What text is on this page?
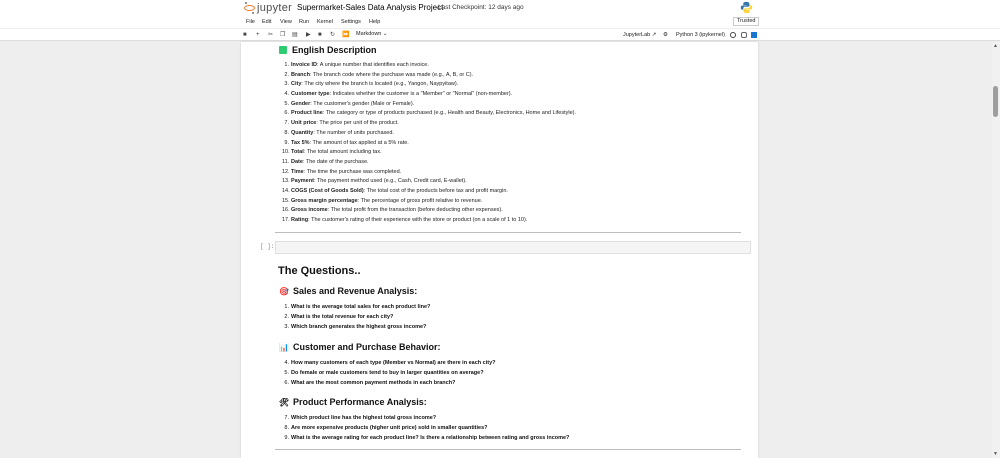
jupyter Supermarket-Sales Data Analysis Project
Last Checkpoint: 12 days ago
File Edit View Run Kernel Settings Help	Trusted
■ + ✂ ❐ ▤ ▶ ■ ↻ ⏩ Markdown ⌄	JupyterLab ↗ ⚙ Python 3 (ipykernel)
English Description
1. Invoice ID: A unique number that identifies each invoice.
2. Branch: The branch code where the purchase was made (e.g., A, B, or C).
3. City: The city where the branch is located (e.g., Yangon, Naypyitaw).
4. Customer type: Indicates whether the customer is a "Member" or "Normal" (non-member).
5. Gender: The customer's gender (Male or Female).
6. Product line: The category or type of products purchased (e.g., Health and Beauty, Electronics, Home and Lifestyle).
7. Unit price: The price per unit of the product.
8. Quantity: The number of units purchased.
9. Tax 5%: The amount of tax applied at a 5% rate.
10.Total: The total amount including tax.
11. Date: The date of the purchase.
12.Time: The time the purchase was completed.
13.Payment: The payment method used (e.g., Cash, Credit card, E-wallet).
14.COGS (Cost of Goods Sold): The total cost of the products before tax and profit margin.
15.Gross margin percentage: The percentage of gross profit relative to revenue.
16.Gross income: The total profit from the transaction (before deducting other expenses).
17.Rating: The customer's rating of their experience with the store or product (on a scale of 1 to 10).
[ ]:
The Questions..
🎯 Sales and Revenue Analysis:
1. What is the average total sales for each product line?
2. What is the total revenue for each city?
3. Which branch generates the highest gross income?
📊 Customer and Purchase Behavior:
4. How many customers of each type (Member vs Normal) are there in each city?
5. Do female or male customers tend to buy in larger quantities on average?
6. What are the most common payment methods in each branch?
🛠 Product Performance Analysis:
7. Which product line has the highest total gross income?
8. Are more expensive products (higher unit price) sold in smaller quantities?
9. What is the average rating for each product line? Is there a relationship between rating and gross income?
▲
▼
